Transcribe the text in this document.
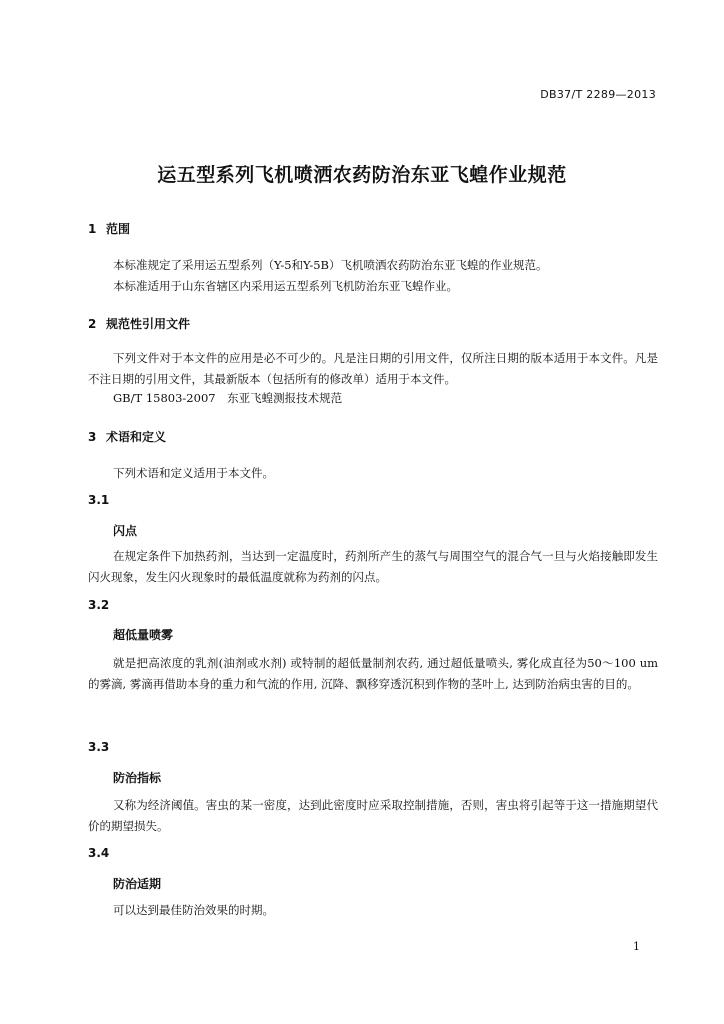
DB37/T 2289—2013
运五型系列飞机喷洒农药防治东亚飞蝗作业规范
1 范围
本标准规定了采用运五型系列（Y-5和Y-5B）飞机喷洒农药防治东亚飞蝗的作业规范。
本标准适用于山东省辖区内采用运五型系列飞机防治东亚飞蝗作业。
2 规范性引用文件
下列文件对于本文件的应用是必不可少的。凡是注日期的引用文件，仅所注日期的版本适用于本文件。凡是不注日期的引用文件，其最新版本（包括所有的修改单）适用于本文件。
GB/T 15803-2007　东亚飞蝗测报技术规范
3 术语和定义
下列术语和定义适用于本文件。
3.1
闪点
在规定条件下加热药剂，当达到一定温度时，药剂所产生的蒸气与周围空气的混合气一旦与火焰接触即发生闪火现象，发生闪火现象时的最低温度就称为药剂的闪点。
3.2
超低量喷雾
就是把高浓度的乳剂(油剂或水剂) 或特制的超低量制剂农药, 通过超低量喷头, 雾化成直径为50～100 um的雾滴, 雾滴再借助本身的重力和气流的作用, 沉降、飘移穿透沉积到作物的茎叶上, 达到防治病虫害的目的。
3.3
防治指标
又称为经济阈值。害虫的某一密度，达到此密度时应采取控制措施，否则，害虫将引起等于这一措施期望代价的期望损失。
3.4
防治适期
可以达到最佳防治效果的时期。
1
